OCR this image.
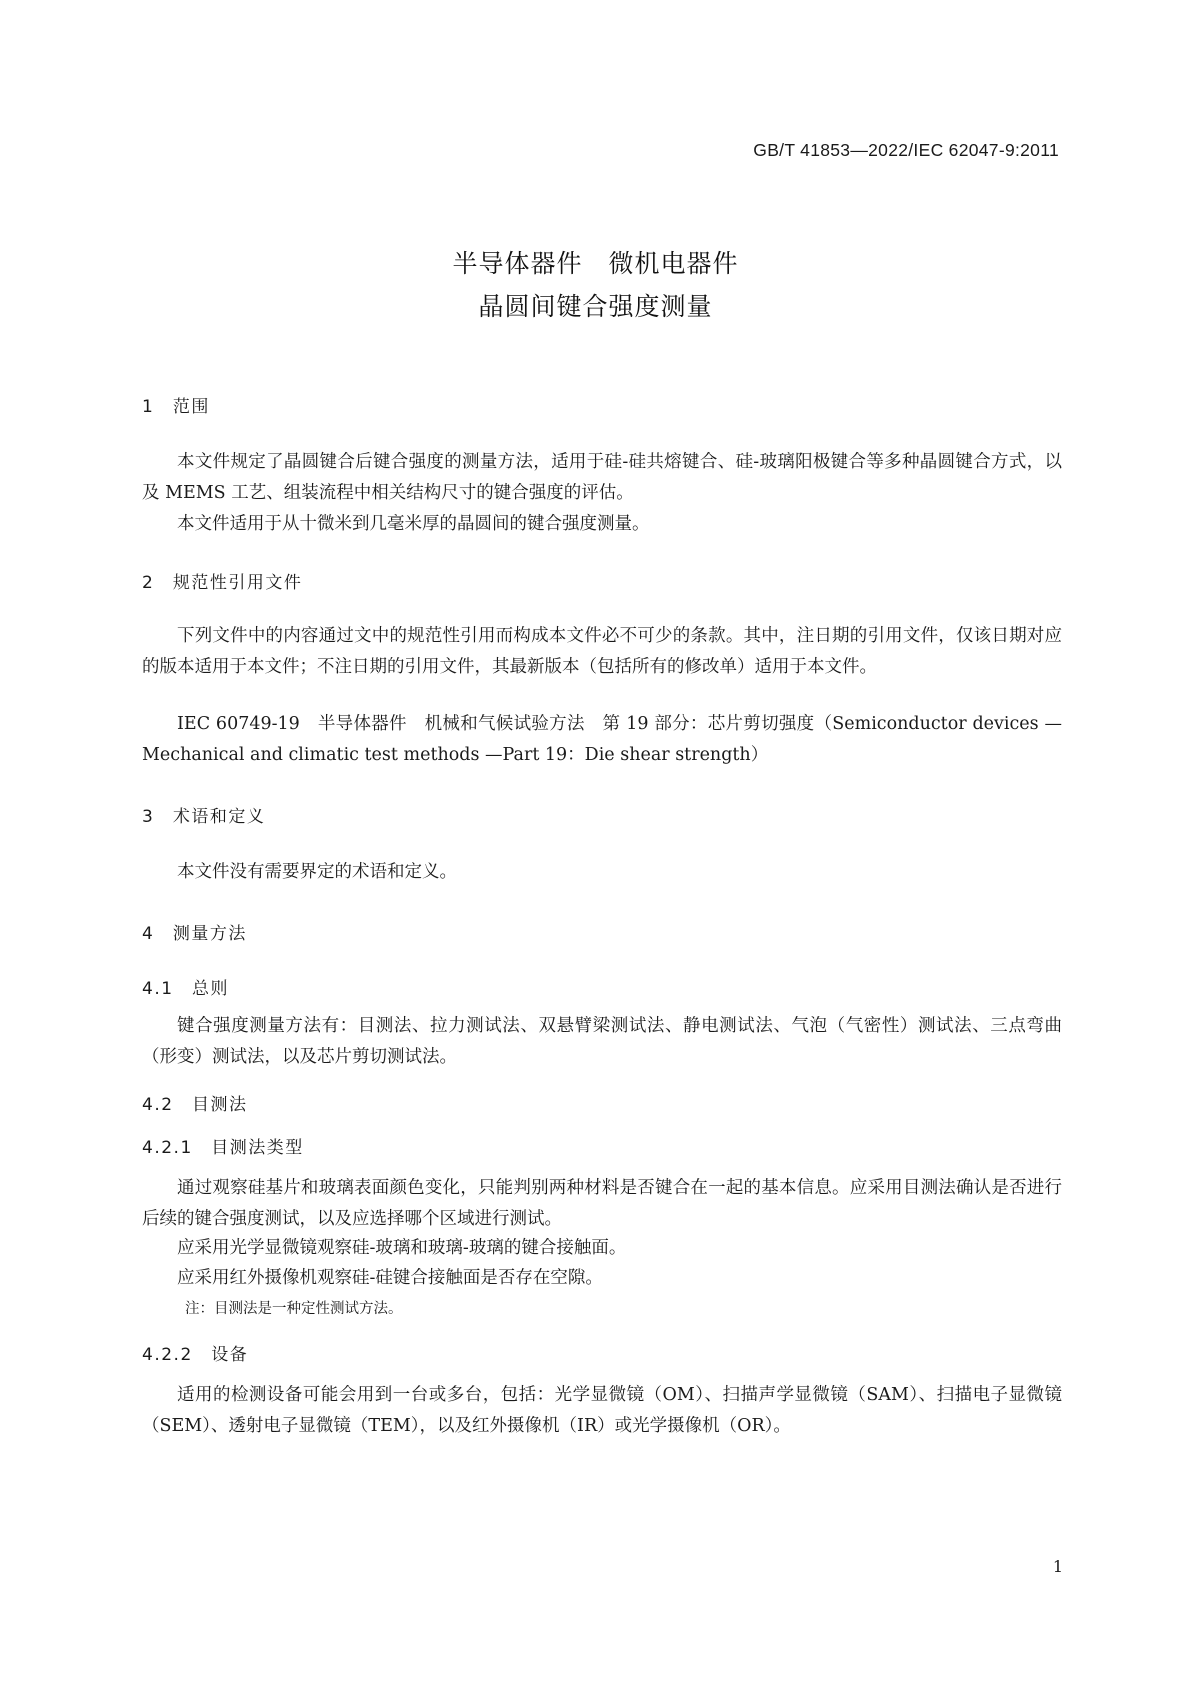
GB/T 41853—2022/IEC 62047-9:2011
半导体器件　微机电器件
晶圆间键合强度测量
1　范围

本文件规定了晶圆键合后键合强度的测量方法，适用于硅-硅共熔键合、硅-玻璃阳极键合等多种晶圆键合方式，以及 MEMS 工艺、组装流程中相关结构尺寸的键合强度的评估。

本文件适用于从十微米到几毫米厚的晶圆间的键合强度测量。

2　规范性引用文件

下列文件中的内容通过文中的规范性引用而构成本文件必不可少的条款。其中，注日期的引用文件，仅该日期对应的版本适用于本文件；不注日期的引用文件，其最新版本（包括所有的修改单）适用于本文件。

IEC 60749-19　半导体器件　机械和气候试验方法　第 19 部分：芯片剪切强度（Semiconductor devices —Mechanical and climatic test methods —Part 19：Die shear strength）

3　术语和定义

本文件没有需要界定的术语和定义。

4　测量方法
4.1　总则

键合强度测量方法有：目测法、拉力测试法、双悬臂梁测试法、静电测试法、气泡（气密性）测试法、三点弯曲（形变）测试法，以及芯片剪切测试法。

4.2　目测法
4.2.1　目测法类型

通过观察硅基片和玻璃表面颜色变化，只能判别两种材料是否键合在一起的基本信息。应采用目测法确认是否进行后续的键合强度测试，以及应选择哪个区域进行测试。

应采用光学显微镜观察硅-玻璃和玻璃-玻璃的键合接触面。

应采用红外摄像机观察硅-硅键合接触面是否存在空隙。

注：目测法是一种定性测试方法。
4.2.2　设备

适用的检测设备可能会用到一台或多台，包括：光学显微镜（OM）、扫描声学显微镜（SAM）、扫描电子显微镜（SEM）、透射电子显微镜（TEM），以及红外摄像机（IR）或光学摄像机（OR）。

1
